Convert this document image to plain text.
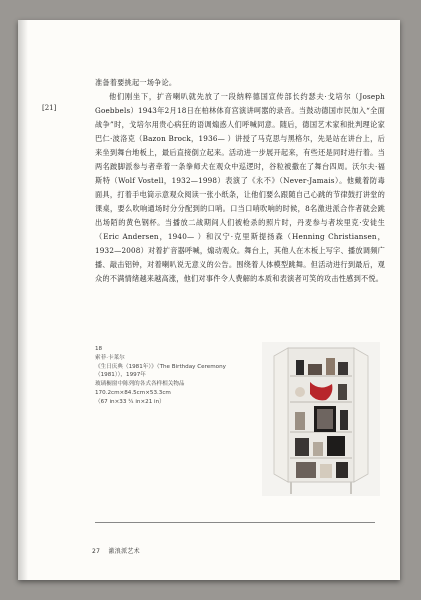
[21]

准备着要挑起一场争论。

他们刚坐下，扩音喇叭就先放了一段纳粹德国宣传部长约瑟夫·戈培尔（Joseph Goebbels）1943年2月18日在柏林体育宫演讲呵嚣的录音。当鼓动德国市民加入“全面战争”时，戈培尔用贵心病狂的语调煽惑人们呼喊同意。随后，德国艺术家和批判理论家巴仁·波洛克（Bazon Brock，1936— ）讲授了马克思与黑格尔，先是站在讲台上，后来坐到舞台地板上，最后直接倒立起来。活动进一步展开起来，有些还是同时进行着。当两名跛脚派参与者牵着一条拳师犬在观众中巡逻时，谷粒被撒在了舞台四周。沃尔夫·福斯特（Wolf Vostell，1932—1998）表演了《永不》（Never-Jamais）。他戴着防毒面具，打着手电筒示意观众阅读一张小纸条，让他们要么跟随自己心跳的节律鼓打讲堂的课桌，要么吹响通场时分分配到的口哨。口当口哨吹响的时候，8名激进派合作者就会跳出场陌的黄色钢杯。当播放二战期间人们被枪杀的照片时，丹麦参与者埃里克·安徒生（Eric Andersen，1940— ）和汉宁·克里斯提扬森（Henning Christiansen，1932—2008）对着扩音器呼喊，煽动观众。舞台上，其他人在木板上写字、播放调频广播、敲击铝钟，对着喇叭说无意义的公告。围绕着人体模型跳舞。但活动进行到最后，观众的不满情绪越来越高涨，他们对事件令人费解的本质和表演者可笑的攻击性感到不悦。

18
索菲·卡莱尔
《生日庆典（1981年）》（The Birthday Ceremony
（1981）），1997年
玻璃橱窗中陈列的各式各样相关物品
170.2cm×84.5cm×53.3cm
（67 in×33 ¼ in×21 in）
27 激浪派艺术
